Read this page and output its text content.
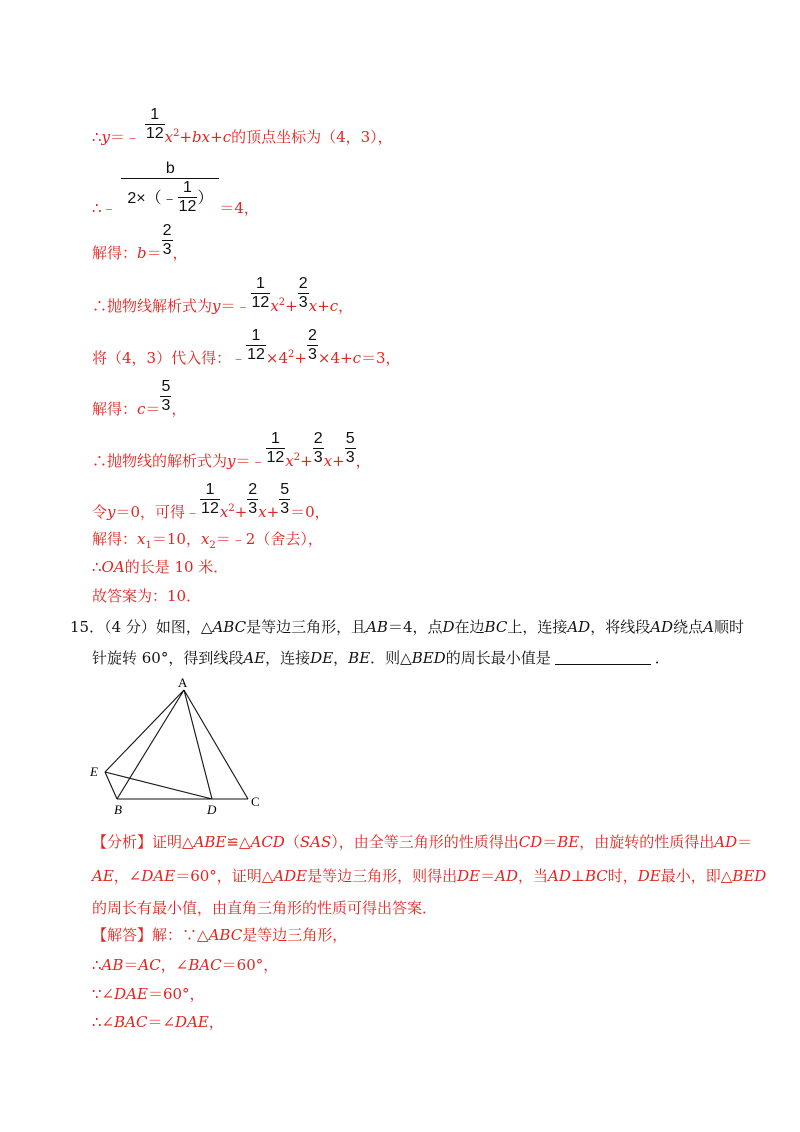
∴y＝﹣ $\frac{1}{12} x^2+bx+c$的顶点坐标为（4，3），
∴﹣ $\frac{b}{2\times(﹣ \frac{1}{12} )} =4$，
解得：$b= \frac{2}{3}$ ，
∴抛物线解析式为y＝﹣ $\frac{1}{12} x^2+ \frac{2}{3} x+c$，
将（4，3）代入得：﹣ $\frac{1}{12} \times 4^2+ \frac{2}{3} \times 4+c=3$，
解得：$c= \frac{5}{3}$ ，
∴抛物线的解析式为y＝﹣ $\frac{1}{12} x^2+ \frac{2}{3} x+ \frac{5}{3}$ ，
令y＝0，可得﹣ $\frac{1}{12} x^2+ \frac{2}{3} x+ \frac{5}{3} =0$，
解得：$x_1=10$，$x_2=﹣2$（舍去），
∴OA的长是 10 米．
故答案为：10．
15．（4 分）如图，△ABC是等边三角形，且AB＝4，点D在边BC上，连接AD，将线段AD绕点A顺时
针旋转 60°，得到线段AE，连接DE，BE．则△BED的周长最小值是	．
A
E
B	D
C
【分析】证明△ABE≌△ACD（SAS），由全等三角形的性质得出CD＝BE，由旋转的性质得出AD＝
AE，∠DAE＝60°，证明△ADE是等边三角形，则得出DE＝AD，当AD⊥BC时，DE最小，即△BED
的周长有最小值，由直角三角形的性质可得出答案．
【解答】解：∵△ABC是等边三角形，
∴AB＝AC，∠BAC＝60°，
∵∠DAE＝60°，
∴∠BAC＝∠DAE，
